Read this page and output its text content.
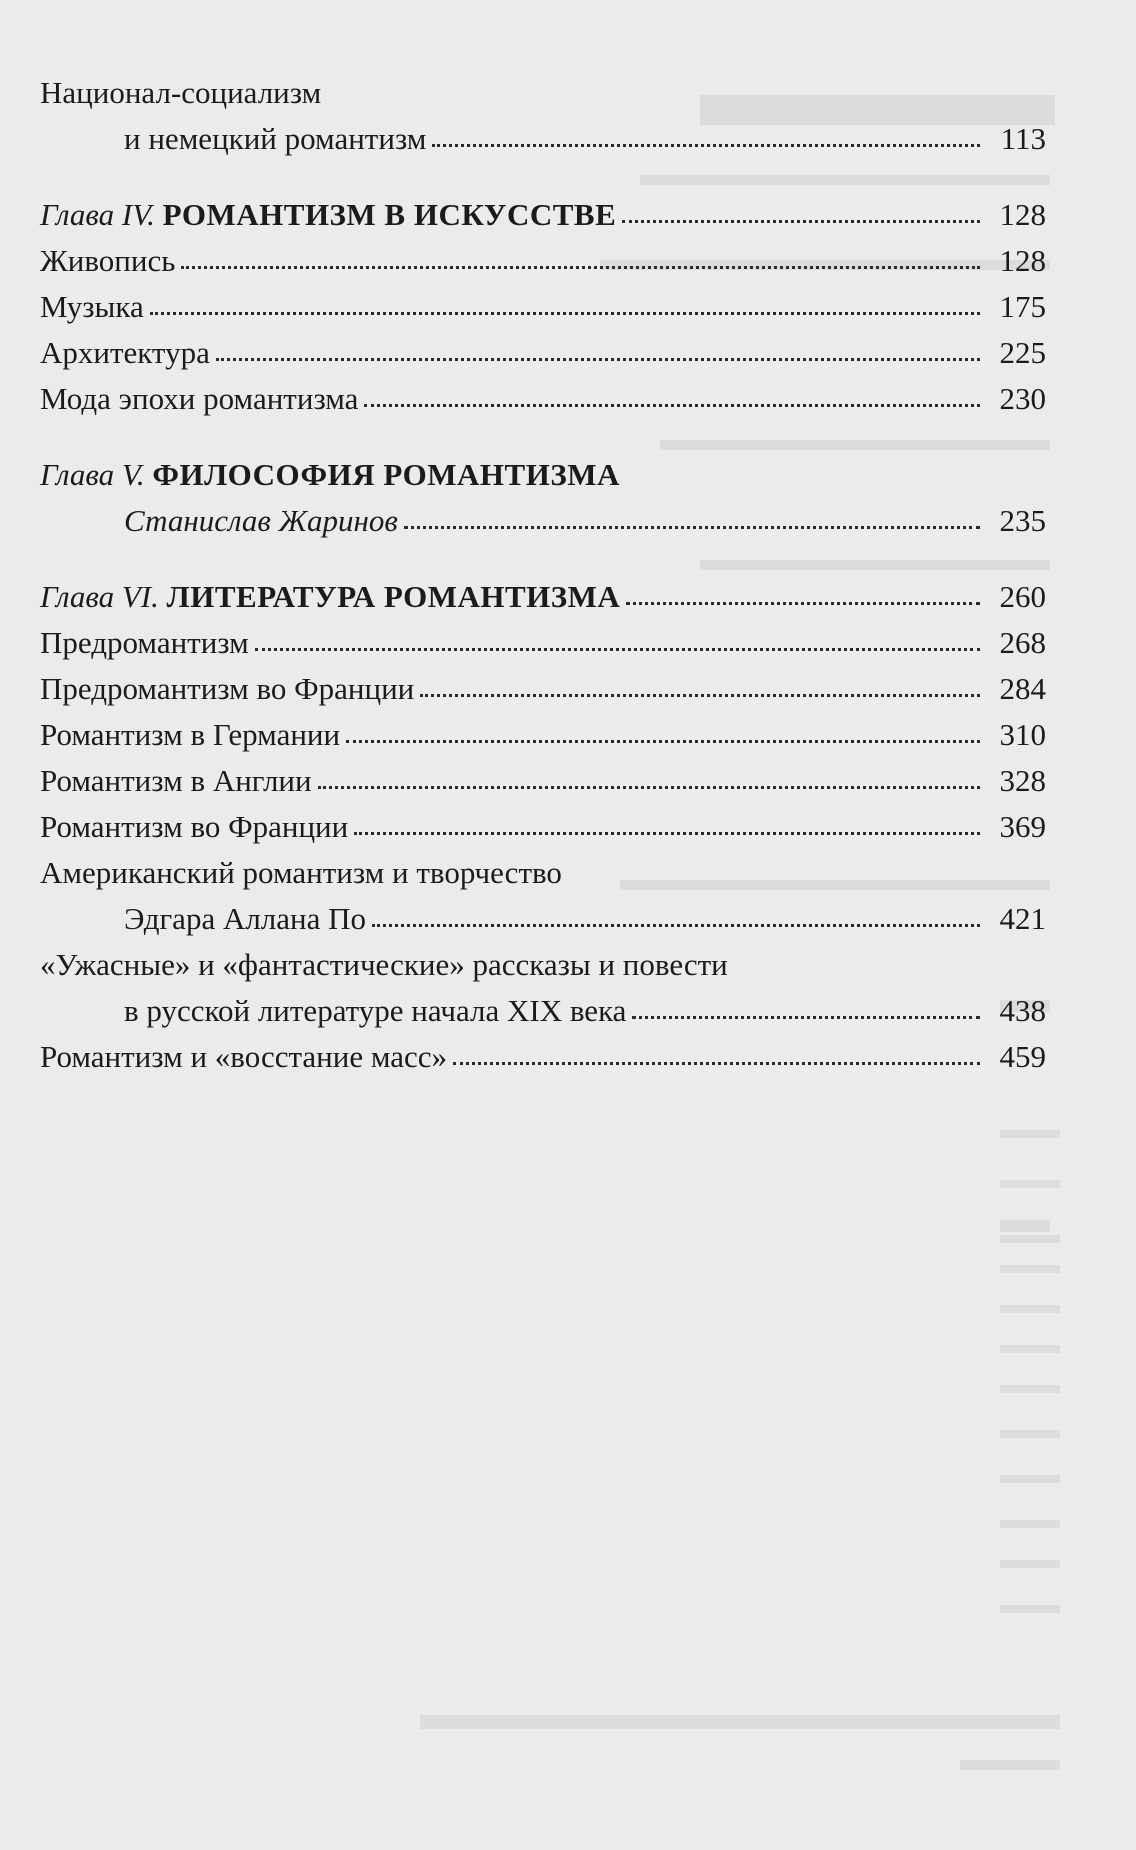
Национал-социализм
и немецкий романтизм	113
Глава IV. РОМАНТИЗМ В ИСКУССТВЕ	128
Живопись	128
Музыка	175
Архитектура	225
Мода эпохи романтизма	230
Глава V. ФИЛОСОФИЯ РОМАНТИЗМА
Станислав Жаринов	235
Глава VI. ЛИТЕРАТУРА РОМАНТИЗМА	260
Предромантизм	268
Предромантизм во Франции	284
Романтизм в Германии	310
Романтизм в Англии	328
Романтизм во Франции	369
Американский романтизм и творчество
Эдгара Аллана По	421
«Ужасные» и «фантастические» рассказы и повести
в русской литературе начала XIX века	438
Романтизм и «восстание масс»	459
